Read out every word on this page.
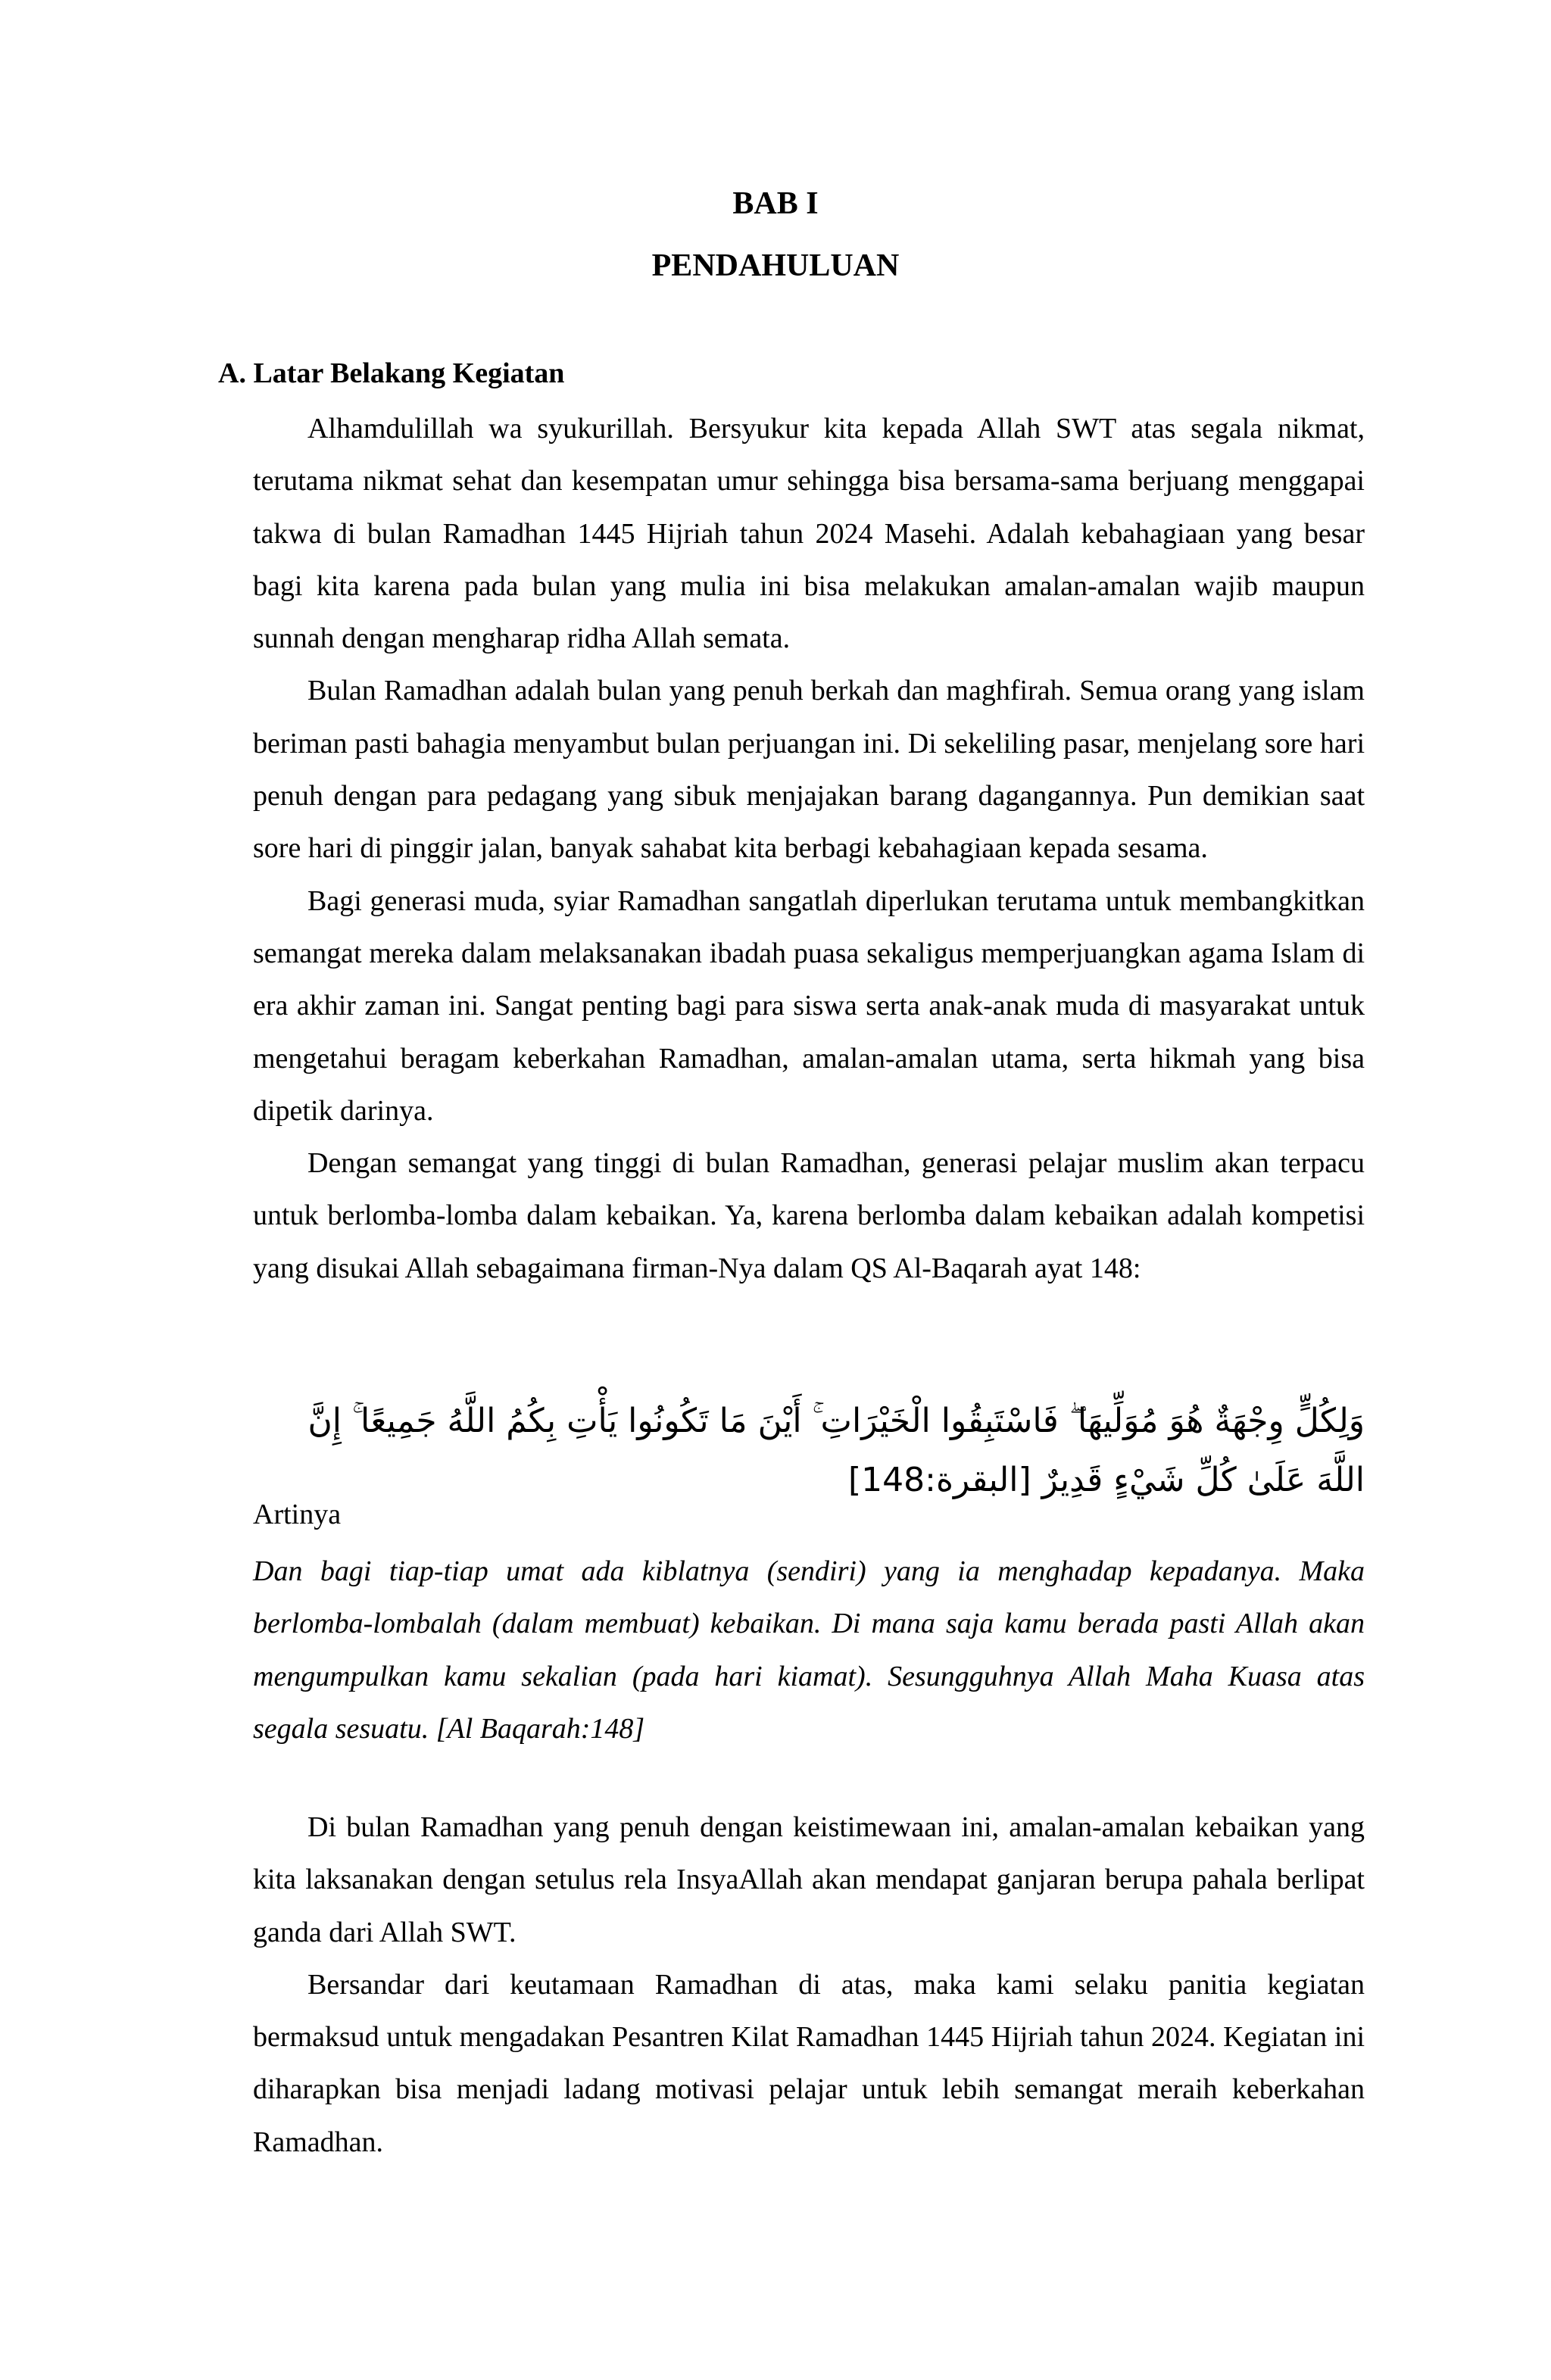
BAB I
PENDAHULUAN
A. Latar Belakang Kegiatan

Alhamdulillah wa syukurillah. Bersyukur kita kepada Allah SWT atas segala nikmat, terutama nikmat sehat dan kesempatan umur sehingga bisa bersama-sama berjuang menggapai takwa di bulan Ramadhan 1445 Hijriah tahun 2024 Masehi. Adalah kebahagiaan yang besar bagi kita karena pada bulan yang mulia ini bisa melakukan amalan-amalan wajib maupun sunnah dengan mengharap ridha Allah semata.

Bulan Ramadhan adalah bulan yang penuh berkah dan maghfirah. Semua orang yang islam beriman pasti bahagia menyambut bulan perjuangan ini. Di sekeliling pasar, menjelang sore hari penuh dengan para pedagang yang sibuk menjajakan barang dagangannya. Pun demikian saat sore hari di pinggir jalan, banyak sahabat kita berbagi kebahagiaan kepada sesama.

Bagi generasi muda, syiar Ramadhan sangatlah diperlukan terutama untuk membangkitkan semangat mereka dalam melaksanakan ibadah puasa sekaligus memperjuangkan agama Islam di era akhir zaman ini. Sangat penting bagi para siswa serta anak-anak muda di masyarakat untuk mengetahui beragam keberkahan Ramadhan, amalan-amalan utama, serta hikmah yang bisa dipetik darinya.

Dengan semangat yang tinggi di bulan Ramadhan, generasi pelajar muslim akan terpacu untuk berlomba-lomba dalam kebaikan. Ya, karena berlomba dalam kebaikan adalah kompetisi yang disukai Allah sebagaimana firman-Nya dalam QS Al-Baqarah ayat 148:

وَلِكُلٍّ وِجْهَةٌ هُوَ مُوَلِّيهَا ۖ فَاسْتَبِقُوا الْخَيْرَاتِ ۚ أَيْنَ مَا تَكُونُوا يَأْتِ بِكُمُ اللَّهُ جَمِيعًا ۚ إِنَّ اللَّهَ عَلَىٰ كُلِّ شَيْءٍ قَدِيرٌ [البقرة:148]
Artinya

Dan bagi tiap-tiap umat ada kiblatnya (sendiri) yang ia menghadap kepadanya. Maka berlomba-lombalah (dalam membuat) kebaikan. Di mana saja kamu berada pasti Allah akan mengumpulkan kamu sekalian (pada hari kiamat). Sesungguhnya Allah Maha Kuasa atas segala sesuatu. [Al Baqarah:148]

Di bulan Ramadhan yang penuh dengan keistimewaan ini, amalan-amalan kebaikan yang kita laksanakan dengan setulus rela InsyaAllah akan mendapat ganjaran berupa pahala berlipat ganda dari Allah SWT.

Bersandar dari keutamaan Ramadhan di atas, maka kami selaku panitia kegiatan bermaksud untuk mengadakan Pesantren Kilat Ramadhan 1445 Hijriah tahun 2024. Kegiatan ini diharapkan bisa menjadi ladang motivasi pelajar untuk lebih semangat meraih keberkahan Ramadhan.
